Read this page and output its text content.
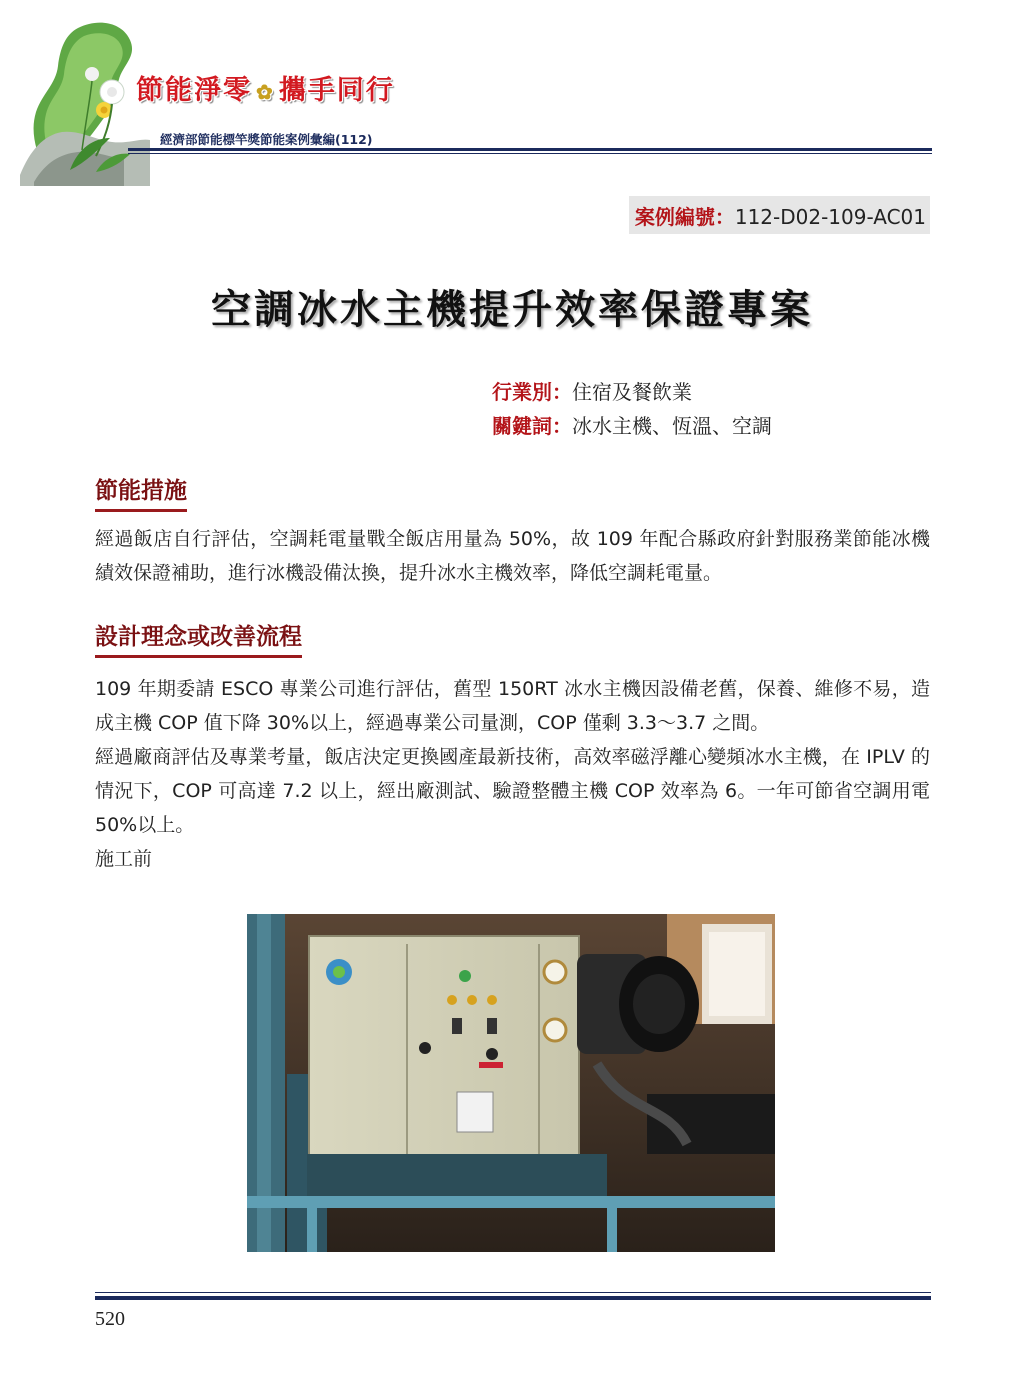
節能淨零 ✿ 攜手同行
經濟部節能標竿獎節能案例彙編(112)
案例編號：112-D02-109-AC01
空調冰水主機提升效率保證專案
行業別：住宿及餐飲業
關鍵詞：冰水主機、恆溫、空調
節能措施
經過飯店自行評估，空調耗電量戰全飯店用量為 50%，故 109 年配合縣政府針對服務業節能冰機績效保證補助，進行冰機設備汰換，提升冰水主機效率，降低空調耗電量。
設計理念或改善流程
109 年期委請 ESCO 專業公司進行評估，舊型 150RT 冰水主機因設備老舊，保養、維修不易，造成主機 COP 值下降 30%以上，經過專業公司量測，COP 僅剩 3.3～3.7 之間。
經過廠商評估及專業考量，飯店決定更換國產最新技術，高效率磁浮離心變頻冰水主機，在 IPLV 的情況下，COP 可高達 7.2 以上，經出廠測試、驗證整體主機 COP 效率為 6。一年可節省空調用電 50%以上。
施工前
520
